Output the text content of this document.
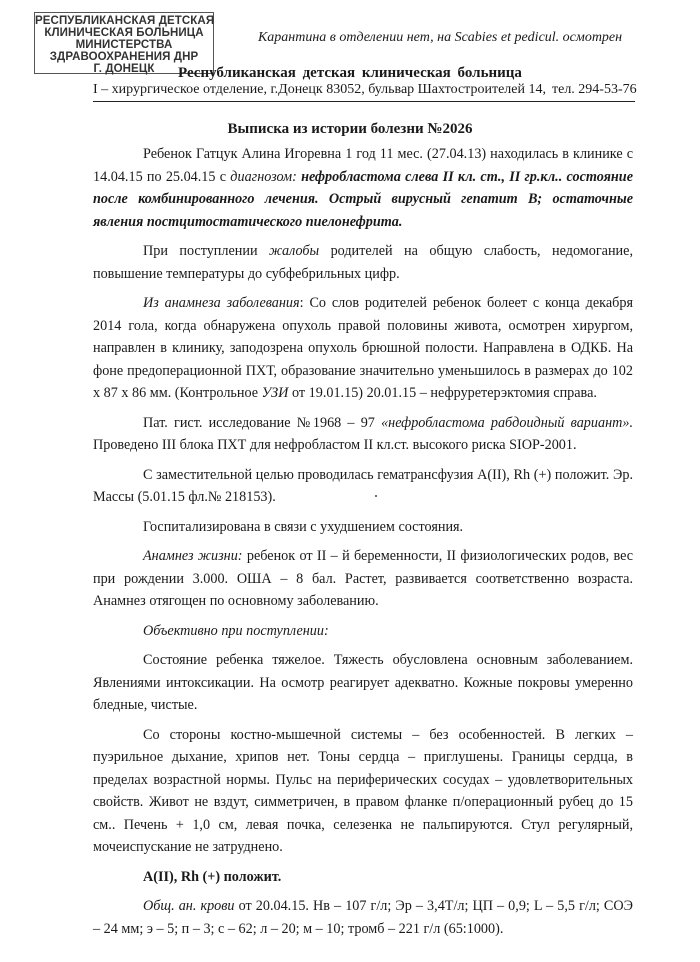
РЕСПУБЛИКАНСКАЯ ДЕТСКАЯ
КЛИНИЧЕСКАЯ БОЛЬНИЦА
МИНИСТЕРСТВА
ЗДРАВООХРАНЕНИЯ ДНР
Г. ДОНЕЦК
Карантина в отделении нет, на Scabies et pedicul. осмотрен
Республиканская детская клиническая больница
I – хирургическое отделение, г.Донецк 83052, бульвар Шахтостроителей 14, тел. 294-53-76
Выписка из истории болезни №2026

Ребенок Гатцук Алина Игоревна 1 год 11 мес. (27.04.13) находилась в клинике с 14.04.15 по 25.04.15 с диагнозом: нефробластома слева II кл. ст., II гр.кл.. состояние после комбинированного лечения. Острый вирусный гепатит В; остаточные явления постцитостатического пиелонефрита.

При поступлении жалобы родителей на общую слабость, недомогание, повышение температуры до субфебрильных цифр.

Из анамнеза заболевания: Со слов родителей ребенок болеет с конца декабря 2014 гола, когда обнаружена опухоль правой половины живота, осмотрен хирургом, направлен в клинику, заподозрена опухоль брюшной полости. Направлена в ОДКБ. На фоне предоперационной ПХТ, образование значительно уменьшилось в размерах до 102 х 87 х 86 мм. (Контрольное УЗИ от 19.01.15) 20.01.15 – нефруретерэктомия справа.

Пат. гист. исследование №1968 – 97 «нефробластома рабдоидный вариант». Проведено III блока ПХТ для нефробластом II кл.ст. высокого риска SIOP-2001.

С заместительной целью проводилась гематрансфузия А(II), Rh (+) положит. Эр. Массы (5.01.15 фл.№ 218153).

Госпитализирована в связи с ухудшением состояния.

Анамнез жизни: ребенок от II – й беременности, II физиологических родов, вес при рождении 3.000. ОША – 8 бал. Растет, развивается соответственно возраста. Анамнез отягощен по основному заболеванию.

Объективно при поступлении:

Состояние ребенка тяжелое. Тяжесть обусловлена основным заболеванием. Явлениями интоксикации. На осмотр реагирует адекватно. Кожные покровы умеренно бледные, чистые.

Со стороны костно-мышечной системы – без особенностей. В легких – пуэрильное дыхание, хрипов нет. Тоны сердца – приглушены. Границы сердца, в пределах возрастной нормы. Пульс на периферических сосудах – удовлетворительных свойств. Живот не вздут, симметричен, в правом фланке п/операционный рубец до 15 см.. Печень + 1,0 см, левая почка, селезенка не пальпируются. Стул регулярный, мочеиспускание не затруднено.

А(II), Rh (+) положит.

Общ. ан. крови от 20.04.15. Нв – 107 г/л; Эр – 3,4Т/л; ЦП – 0,9; L – 5,5 г/л; СОЭ – 24 мм; э – 5; п – 3; с – 62; л – 20; м – 10; тромб – 221 г/л (65:1000).
